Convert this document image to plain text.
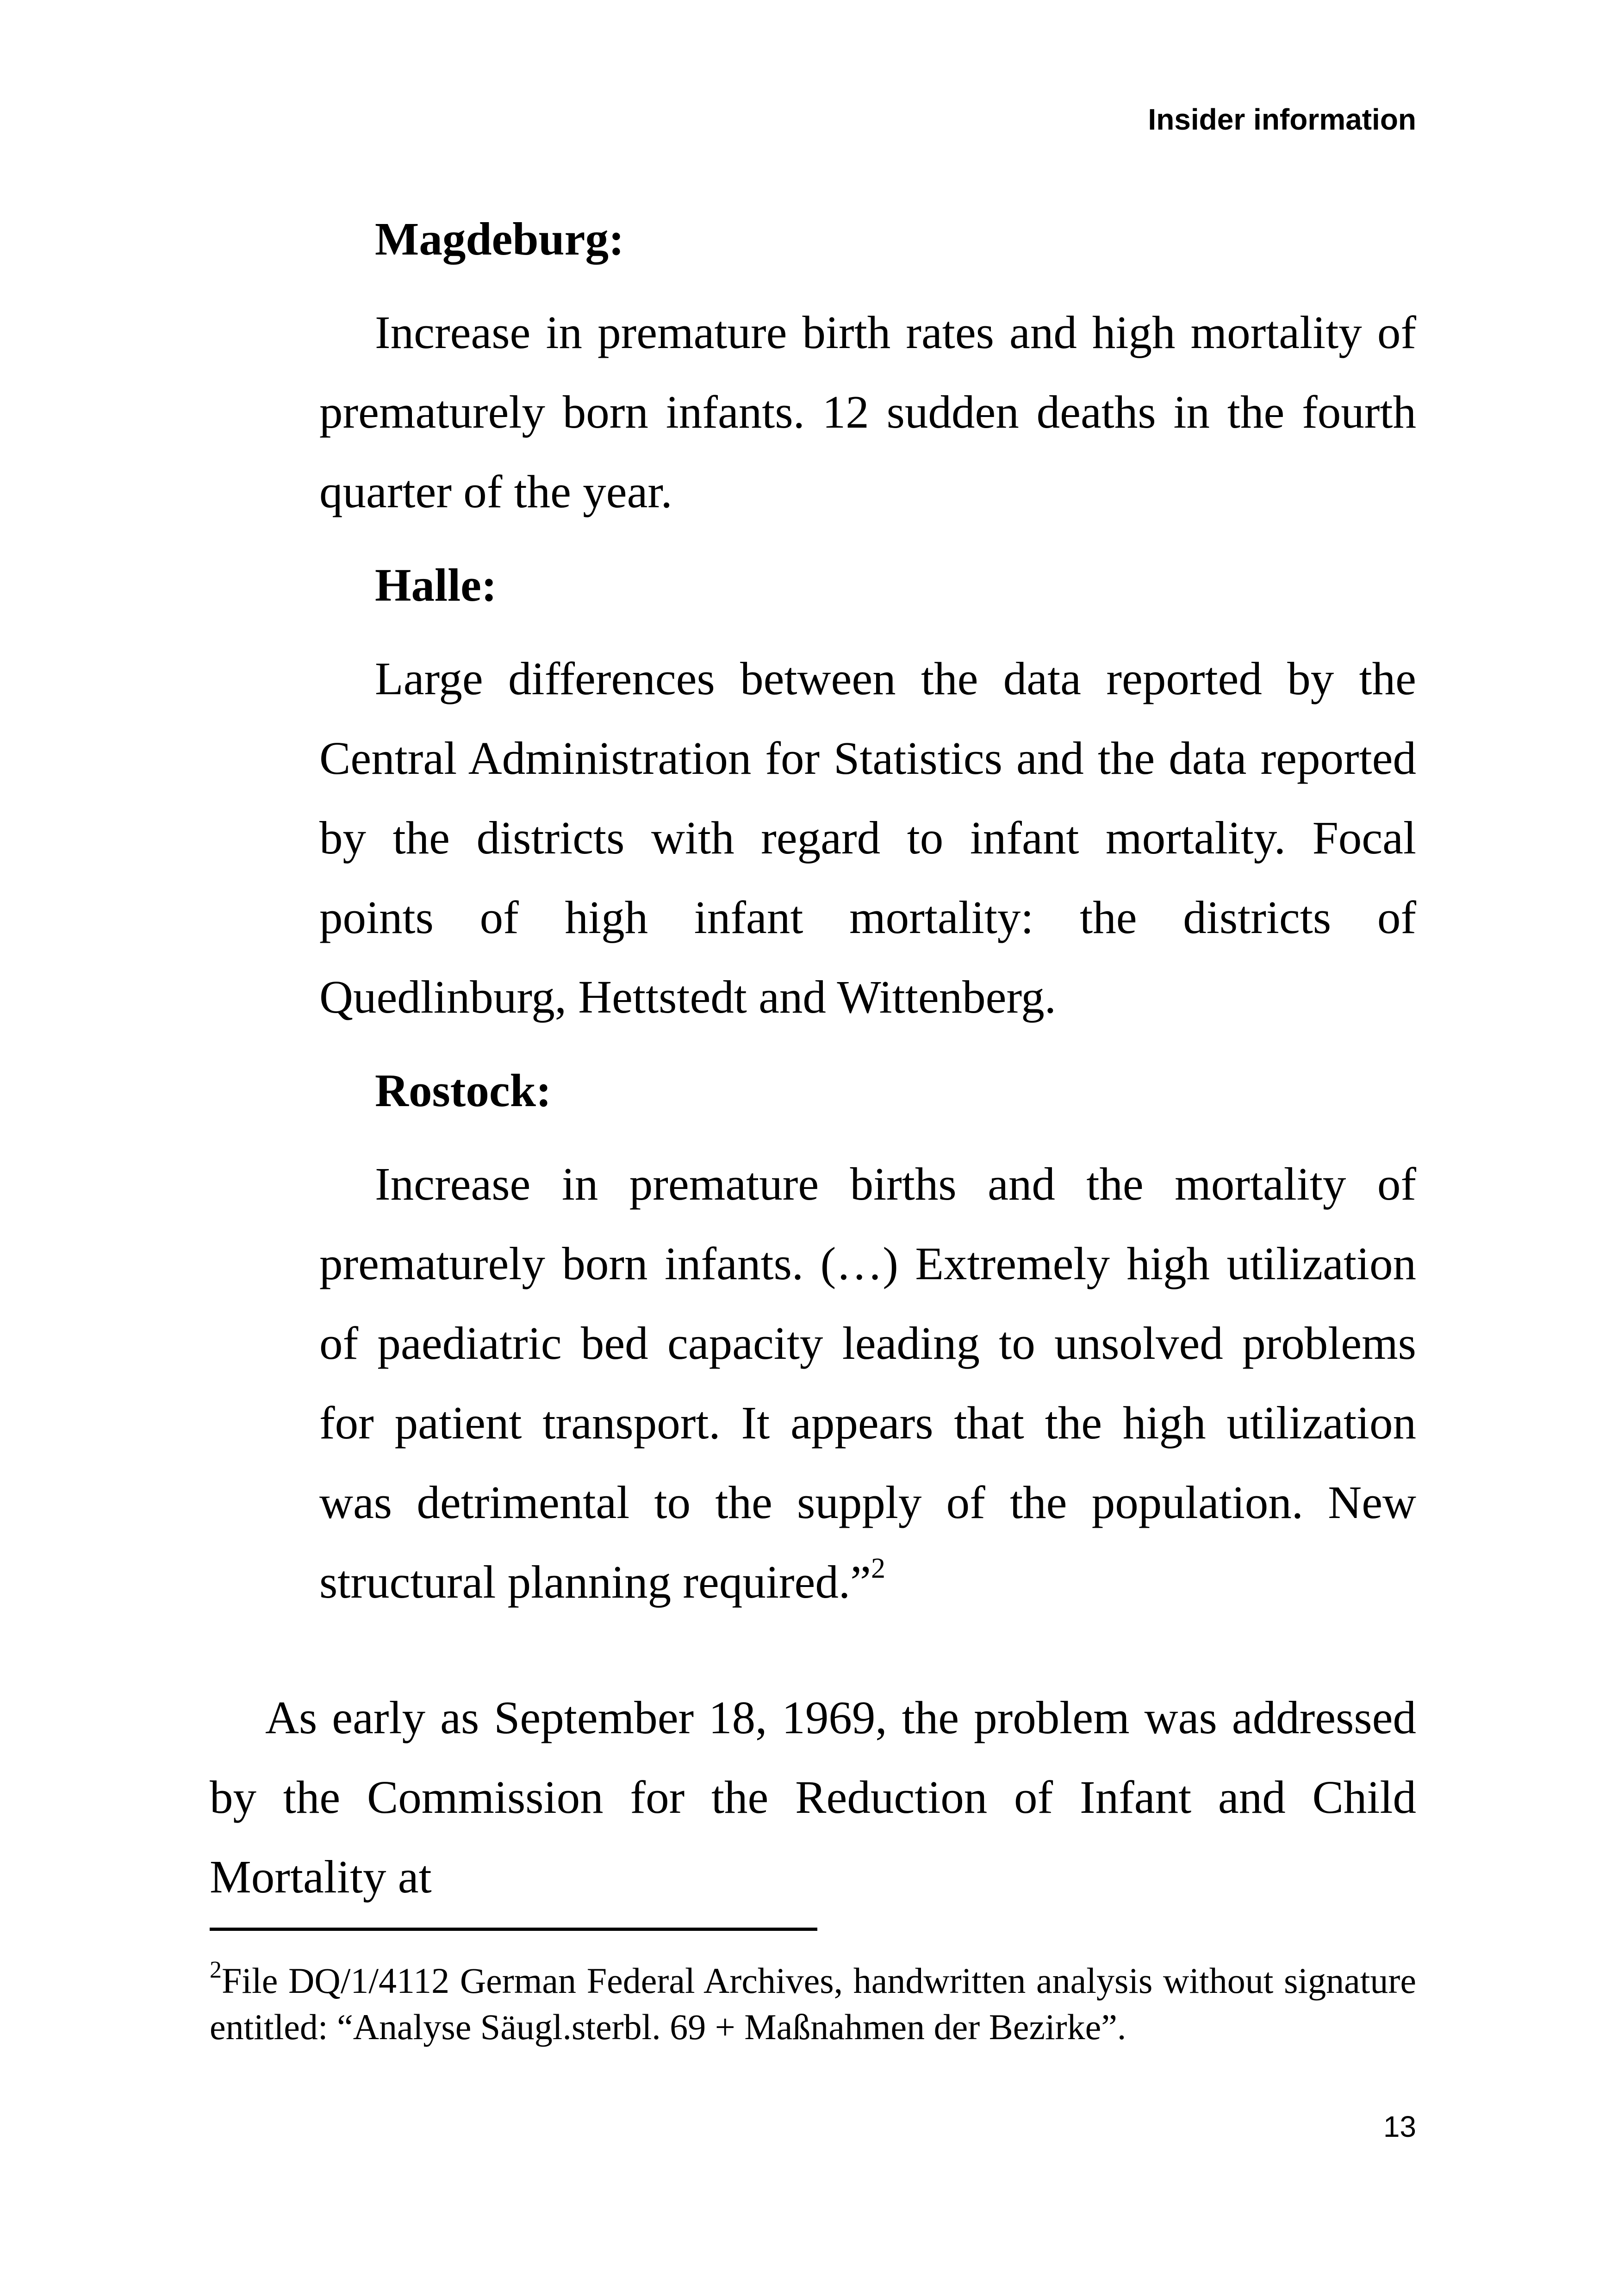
Insider information
Magdeburg:

Increase in premature birth rates and high mortality of prematurely born infants. 12 sudden deaths in the fourth quarter of the year.

Halle:

Large differences between the data reported by the Central Administration for Statistics and the data reported by the districts with regard to infant mortality. Focal points of high infant mortality: the districts of Quedlinburg, Hettstedt and Wittenberg.

Rostock:

Increase in premature births and the mortality of prematurely born infants. (…) Extremely high utilization of paediatric bed capacity leading to unsolved problems for patient transport. It appears that the high utilization was detrimental to the supply of the population. New structural planning required.”$^2$

As early as September 18, 1969, the problem was addressed by the Commission for the Reduction of Infant and Child Mortality at

$^2$File DQ/1/4112 German Federal Archives, handwritten analysis without signature entitled: “Analyse Säugl.sterbl. 69 + Maßnahmen der Bezirke”.

13
